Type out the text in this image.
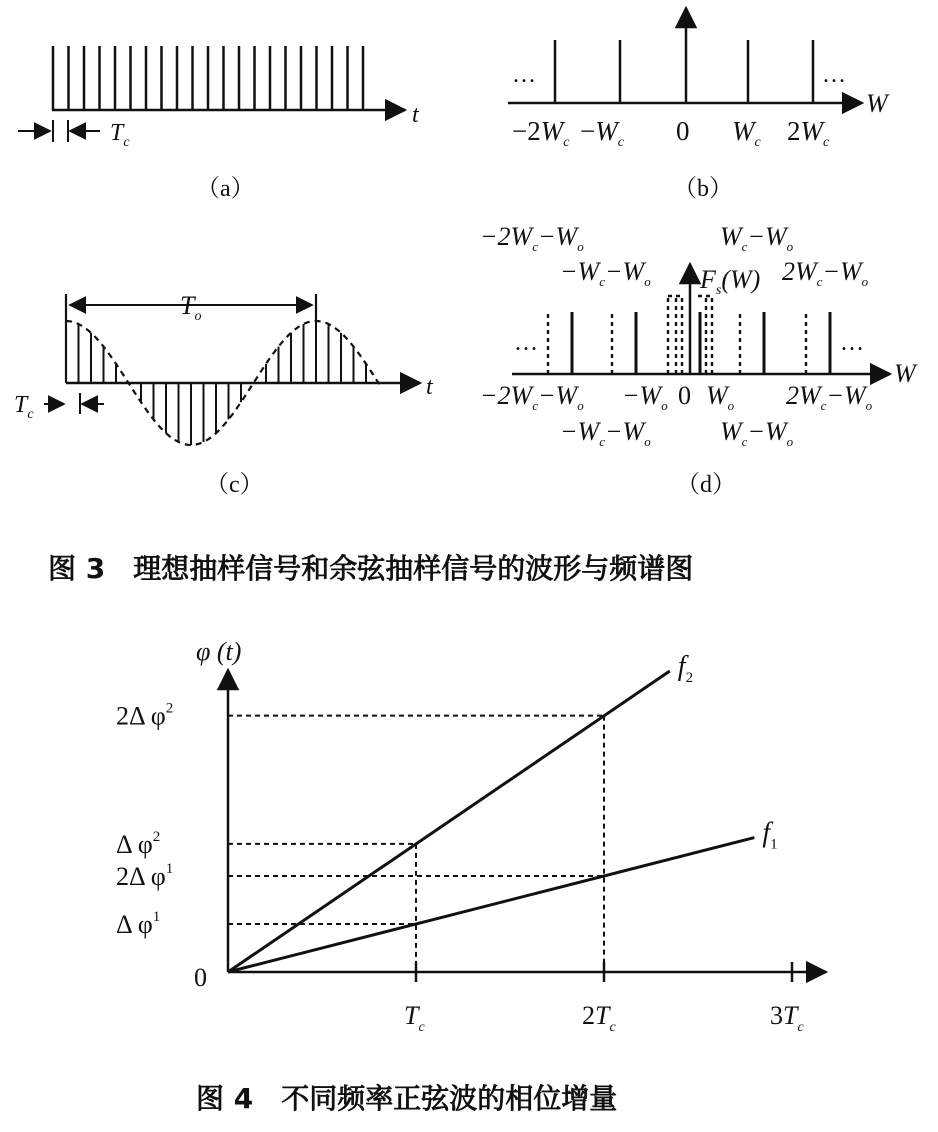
t
$T_c$
（a）
…	…
W
$-2W_c -W_c$ 0 $W_c$ $2W_c$
（b）
$T_o$
$T_c$
t
（c）
…	…
W
$F_s(W)$
$-2W_c-W_o$
$-W_c-W_o$
$W_c-W_o$
$2W_c-W_o$
$-2W_c-W_o -W_o$ 0 $W_o$ $2W_c-W_o$
$-W_c-W_o$	$W_c-W_o$
（d）
图 3　理想抽样信号和余弦抽样信号的波形与频谱图
φ (t)
0
$T_c$	$2T_c$	$3T_c$
Δ $\varphi^1$
2Δ $\varphi^1$
Δ $\varphi^2$
2Δ $\varphi^2$
$f_1$
$f_2$
图 4　不同频率正弦波的相位增量
